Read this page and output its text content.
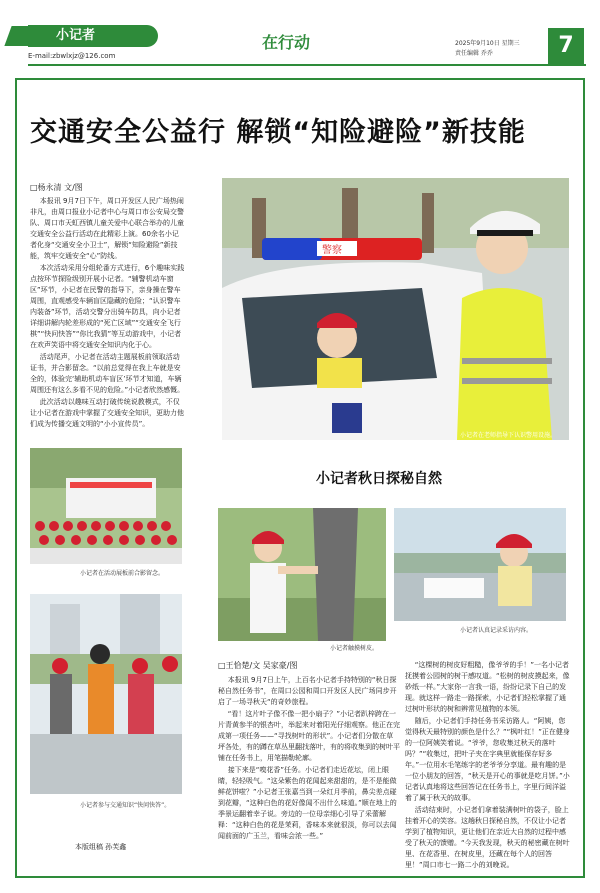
小记者
E-mail:zbwlxjz@126.com
在行动	2025年9月10日 星期三
责任编辑 乔乔	7
交通安全公益行 解锁“知险避险”新技能
□杨永清 文/图

本报讯 9月7日下午，周口开发区人民广场热闹非凡，由周口报业小记者中心与周口市公安局交警队、周口市天虹西镇儿童关爱中心联合举办的儿童交通安全公益行活动在此精彩上演。60余名小记者化身“交通安全小卫士”，解锁“知险避险”新技能，筑牢交通安全“心”防线。

本次活动采用分组轮番方式进行，6个趣味实践点按环节探险级别开展小记者。“辅警机动车窗区”环节，小记者在民警的指导下，亲身操在警车周围，直观感受车辆盲区隐藏的危险；“认识警车内装备”环节，活动交警分出骑车防具，向小记者详细讲解内轮差形成的“死亡区域”“交通安全飞行棋”“快问快答”“你比我猜”等互动游戏中，小记者在欢声笑语中将交通安全知识内化于心。

活动尾声，小记者在活动主题展板前领取活动证书，并合影留念。“以前总觉得在我上车就是安全的，体验完‘辅助机动车盲区’环节才知道，车辆周围还有这么多看不见的危险。”小记者欣然感慨。

此次活动以趣味互动打破传统说教模式，不仅让小记者在游戏中掌握了交通安全知识，更助力他们成为传播交通文明的“小小宣传员”。

警察
小记者在老师指导下认识警用设施。
小记者在活动展板前合影留念。
小记者参与交通知识“快问快答”。
小记者秋日探秘自然
小记者触摸树皮。
小记者认真记录采访内容。
□王恰楚/文 吴家豪/图

本报讯 9月7日上午，上百名小记者手持特别的“秋日探秘自然任务书”，在周口公园和周口开发区人民广场同步开启了一场寻秋天“的奇妙旅程。

“看！这片叶子像不像一把小扇子？”小记者趴梓跨在一片青黄参半的银杏叶，举起来对着阳光仔细观察。他正在完成第一项任务——“寻找树叶的形状”。小记者们分散在草坪各处，有的蹲在草丛里翻找落叶，有的将收集到的树叶平铺在任务书上，用笔描勒轮廓。

接下来是“嗅花香”任务。小记者们走近花坛，闭上眼睛，轻轻吸气。“这朵紫色的花闻起来甜甜的，是不是能做鲜花饼啦？”小记者王张嘉当到一朵红月季前，鼻尖差点碰到花瓣，“这种白色的花好像闻不出什么味道。”顺在地上的季景运翻着幸子说。旁边的一位母亲细心引导了采蕾解释：“这种白色的花是茉莉，香味本来就很淡，你可以去闻闻前面的广玉兰，看味会浓一些。”

“这棵树的树皮好粗糙，像爷爷的手！”一名小记者抚摸着公园树的树干感叹道。“松树的树皮摸起来，像砂纸一样。”大家你一言我一语，纷纷记录下自己的发现。就这样一路走一路探索，小记者们轻松掌握了通过树叶形状的树和辨常见植物的本领。

随后，小记者们手持任务书采访路人。“阿姨，您觉得秋天最特别的颜色是什么？”“枫叶红！”正在健身的一位阿姨笑着说。“爷爷，您收集过秋天的落叶吗？”“收集过，把叶子夹在字典里就能保存好多年。”一位用水毛笔练字的老爷爷分享道。最有趣的是一位小朋友的回答，“秋天是开心的事就是吃月饼。”小记者认真地将这些回答记在任务书上，字里行间洋溢着了属于秋天的故事。

活动结束时，小记者们拿着装满树叶的袋子，脸上挂着开心的笑容。这趟秋日探秘自然，不仅让小记者学到了植物知识，更让他们在亲近大自然的过程中感受了秋天的馈赠。“今天我发现，秋天的秘密藏在树叶里、在花香里、在树皮里，还藏在每个人的回答里！”周口市七一路二小的刘晚说。

本版组稿 孙芙鑫
